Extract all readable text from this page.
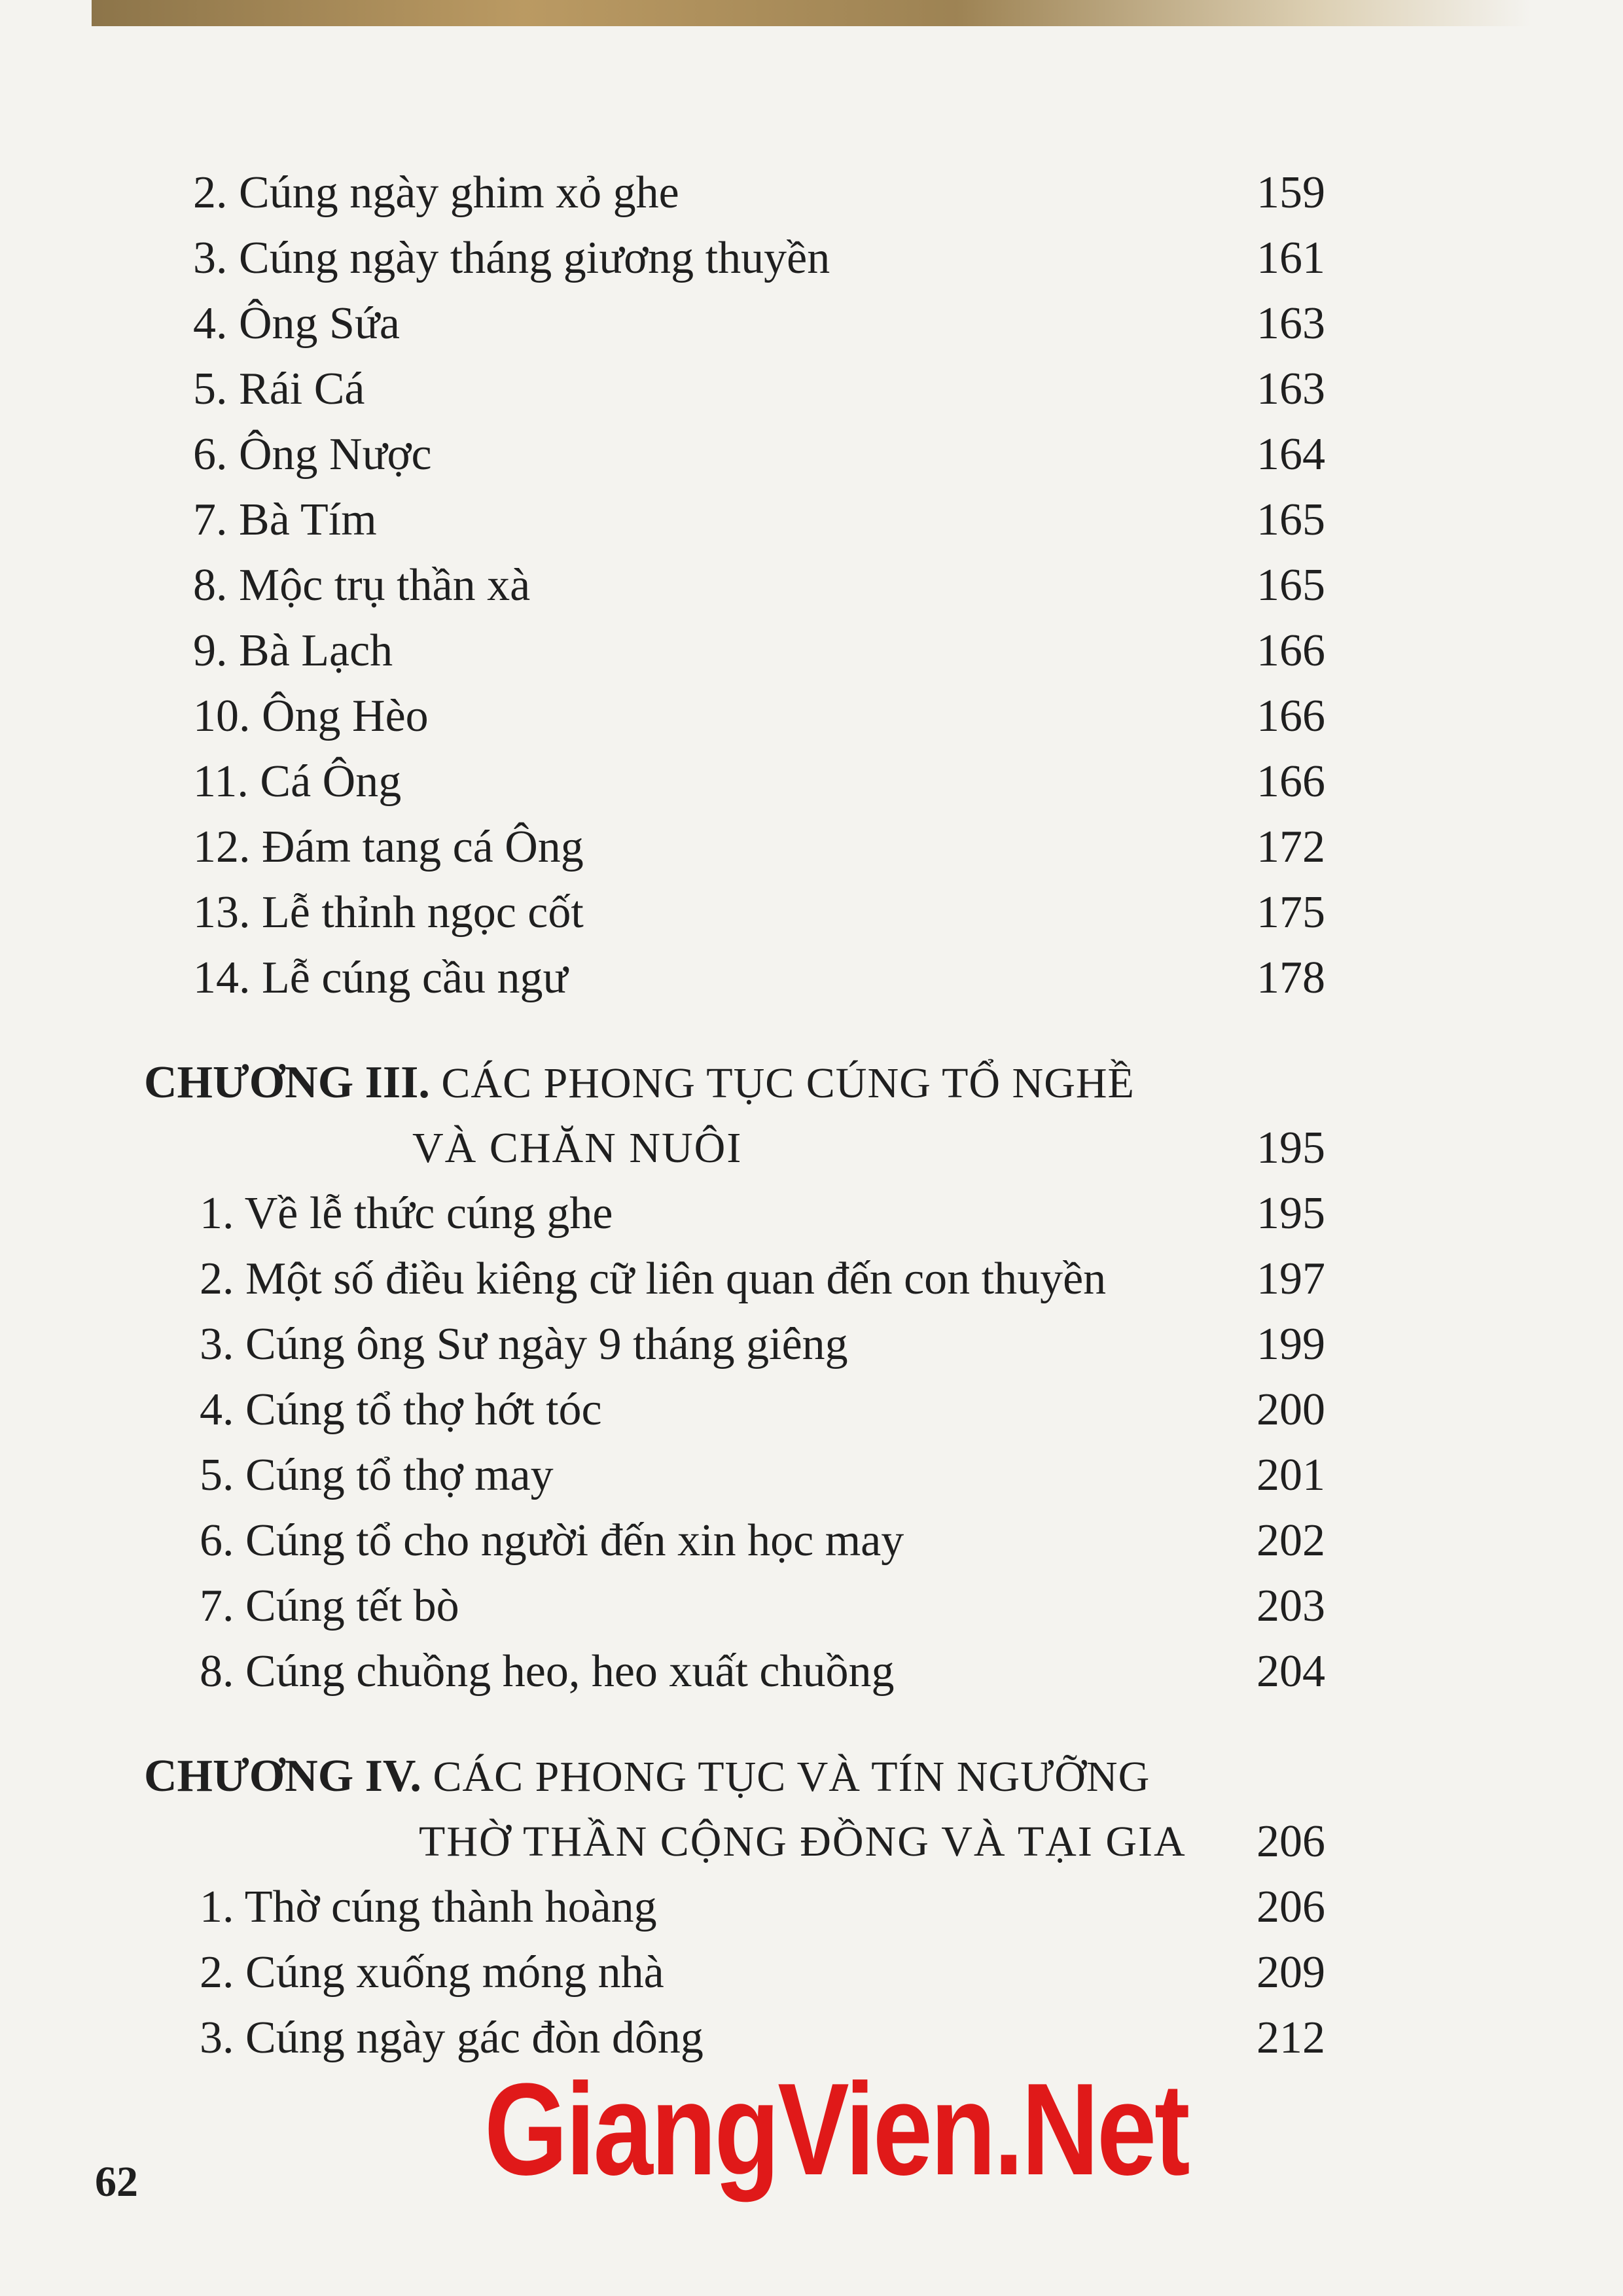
2. Cúng ngày ghim xỏ ghe	159
3. Cúng ngày tháng giương thuyền	161
4. Ông Sứa	163
5. Rái Cá	163
6. Ông Nược	164
7. Bà Tím	165
8. Mộc trụ thần xà	165
9. Bà Lạch	166
10. Ông Hèo	166
11. Cá Ông	166
12. Đám tang cá Ông	172
13. Lễ thỉnh ngọc cốt	175
14. Lễ cúng cầu ngư	178
CHƯƠNG III. CÁC PHONG TỤC CÚNG TỔ NGHỀ
VÀ CHĂN NUÔI	195
1. Về lễ thức cúng ghe	195
2. Một số điều kiêng cữ liên quan đến con thuyền	197
3. Cúng ông Sư ngày 9 tháng giêng	199
4. Cúng tổ thợ hớt tóc	200
5. Cúng tổ thợ may	201
6. Cúng tổ cho người đến xin học may	202
7. Cúng tết bò	203
8. Cúng chuồng heo, heo xuất chuồng	204
CHƯƠNG IV. CÁC PHONG TỤC VÀ TÍN NGƯỠNG
THỜ THẦN CỘNG ĐỒNG VÀ TẠI GIA 206
1. Thờ cúng thành hoàng	206
2. Cúng xuống móng nhà	209
3. Cúng ngày gác đòn dông	212
62	GiangVien.Net
